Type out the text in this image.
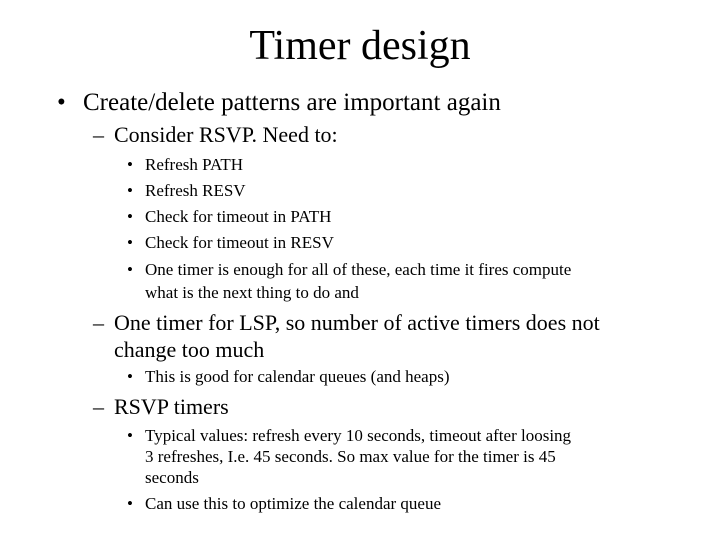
Timer design
• Create/delete patterns are important again
– Consider RSVP. Need to:
• Refresh PATH
• Refresh RESV
• Check for timeout in PATH
• Check for timeout in RESV
• One timer is enough for all of these, each time it fires compute
what is the next thing to do and
– One timer for LSP, so number of active timers does not
change too much
• This is good for calendar queues (and heaps)
– RSVP timers
• Typical values: refresh every 10 seconds, timeout after loosing
3 refreshes, I.e. 45 seconds. So max value for the timer is 45
seconds
• Can use this to optimize the calendar queue
